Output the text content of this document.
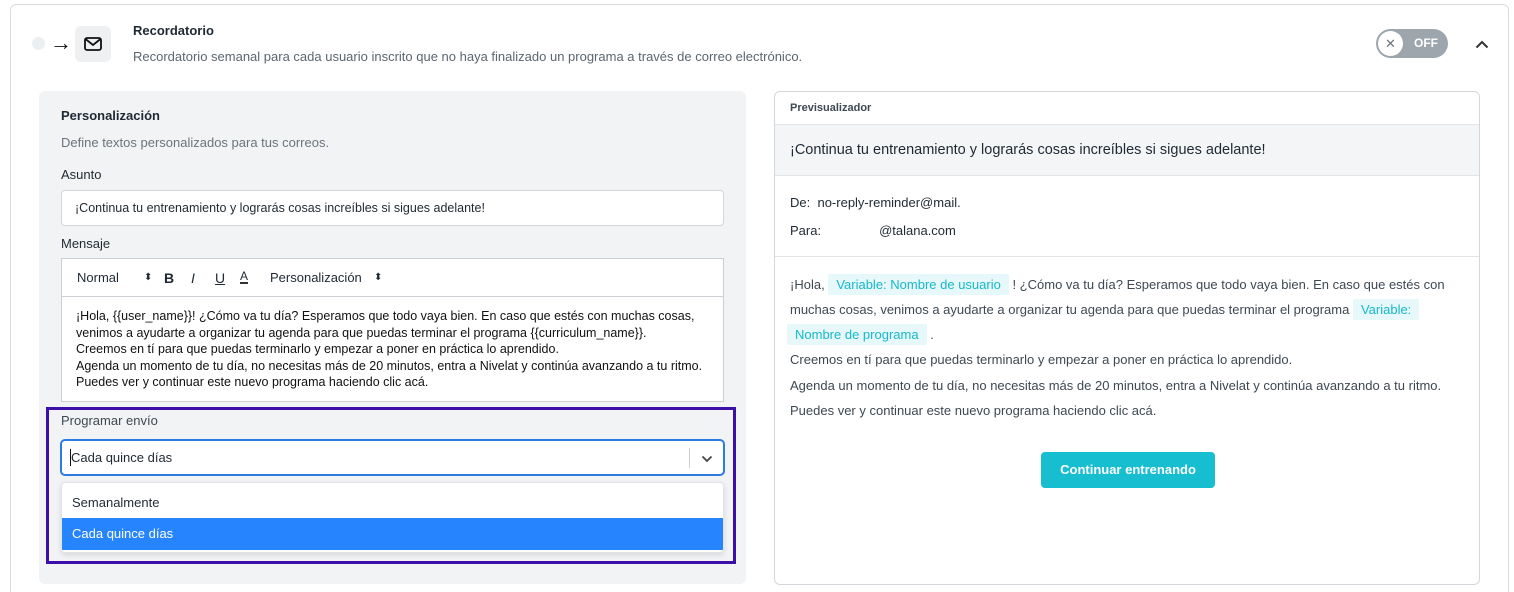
→	Recordatorio
Recordatorio semanal para cada usuario inscrito que no haya finalizado un programa a través de correo electrónico.
✕	OFF
Personalización
Define textos personalizados para tus correos.
Asunto
¡Continua tu entrenamiento y lograrás cosas increíbles si sigues adelante!
Mensaje
Normal	⬍ B I U A Personalización ⬍
¡Hola, {{user_name}}! ¿Cómo va tu día? Esperamos que todo vaya bien. En caso que estés con muchas cosas,
venimos a ayudarte a organizar tu agenda para que puedas terminar el programa {{curriculum_name}}.
Creemos en tí para que puedas terminarlo y empezar a poner en práctica lo aprendido.
Agenda un momento de tu día, no necesitas más de 20 minutos, entra a Nivelat y continúa avanzando a tu ritmo.
Puedes ver y continuar este nuevo programa haciendo clic acá.
Programar envío
Cada quince días
Semanalmente
Cada quince días
Previsualizador
¡Continua tu entrenamiento y lograrás cosas increíbles si sigues adelante!
De: no-reply-reminder@mail.
Para:	@talana.com
¡Hola, Variable: Nombre de usuario ! ¿Cómo va tu día? Esperamos que todo vaya bien. En caso que estés con
muchas cosas, venimos a ayudarte a organizar tu agenda para que puedas terminar el programa Variable:
Nombre de programa .
Creemos en tí para que puedas terminarlo y empezar a poner en práctica lo aprendido.
Agenda un momento de tu día, no necesitas más de 20 minutos, entra a Nivelat y continúa avanzando a tu ritmo.
Puedes ver y continuar este nuevo programa haciendo clic acá.
Continuar entrenando
